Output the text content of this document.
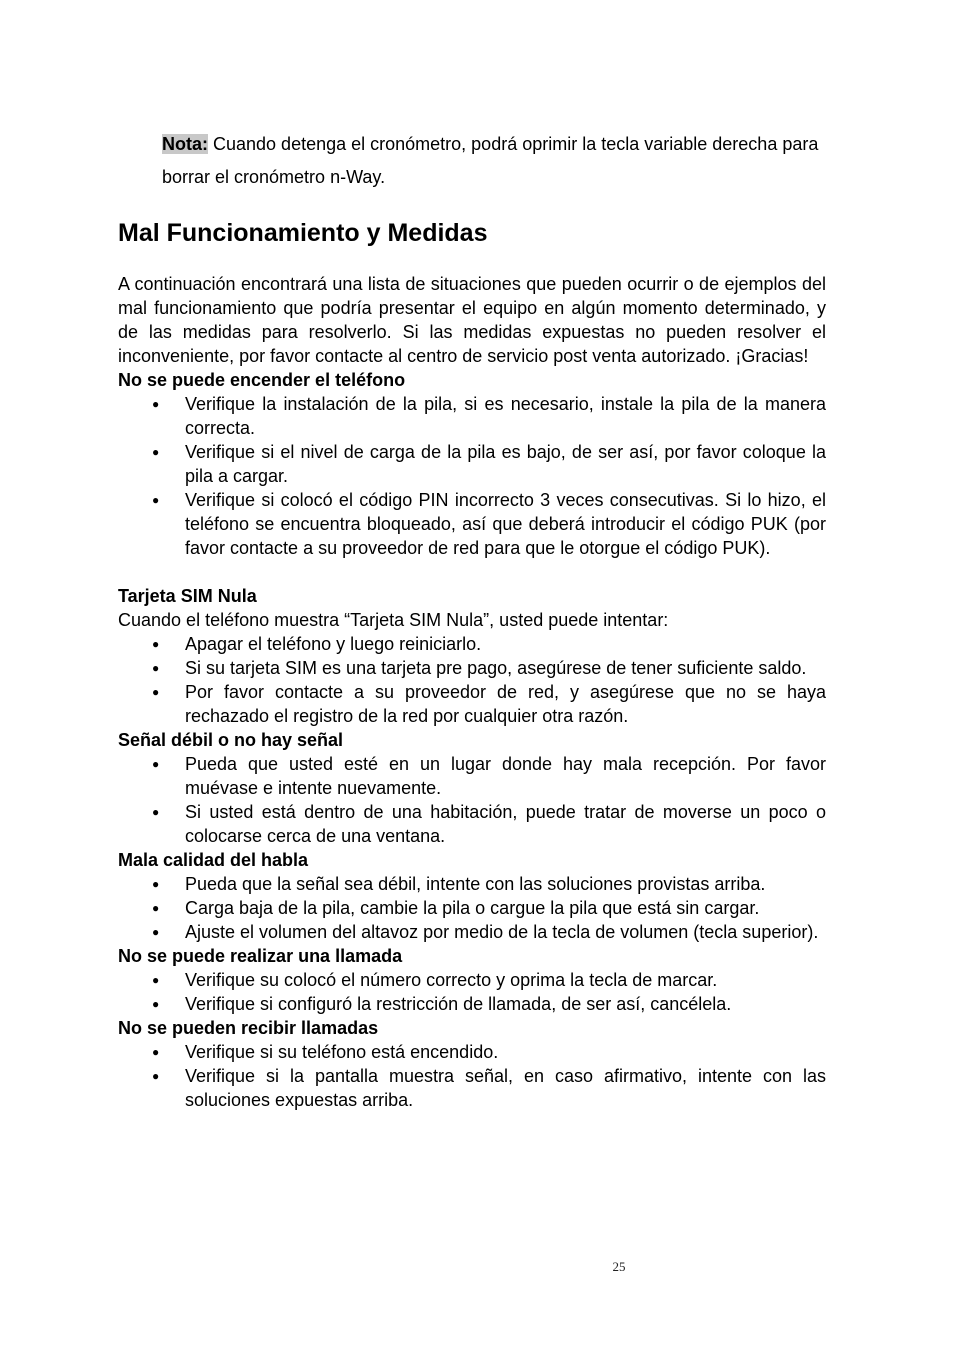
Nota: Cuando detenga el cronómetro, podrá oprimir la tecla variable derecha para borrar el cronómetro n-Way.
Mal Funcionamiento y Medidas

A continuación encontrará una lista de situaciones que pueden ocurrir o de ejemplos del mal funcionamiento que podría presentar el equipo en algún momento determinado, y de las medidas para resolverlo. Si las medidas expuestas no pueden resolver el inconveniente, por favor contacte al centro de servicio post venta autorizado. ¡Gracias!

No se puede encender el teléfono

● Verifique la instalación de la pila, si es necesario, instale la pila de la manera correcta.
● Verifique si el nivel de carga de la pila es bajo, de ser así, por favor coloque la pila a cargar.
● Verifique si colocó el código PIN incorrecto 3 veces consecutivas. Si lo hizo, el teléfono se encuentra bloqueado, así que deberá introducir el código PUK (por favor contacte a su proveedor de red para que le otorgue el código PUK).

Tarjeta SIM Nula

Cuando el teléfono muestra “Tarjeta SIM Nula”, usted puede intentar:

● Apagar el teléfono y luego reiniciarlo.
● Si su tarjeta SIM es una tarjeta pre pago, asegúrese de tener suficiente saldo.
● Por favor contacte a su proveedor de red, y asegúrese que no se haya rechazado el registro de la red por cualquier otra razón.

Señal débil o no hay señal

● Pueda que usted esté en un lugar donde hay mala recepción. Por favor muévase e intente nuevamente.
● Si usted está dentro de una habitación, puede tratar de moverse un poco o colocarse cerca de una ventana.

Mala calidad del habla

● Pueda que la señal sea débil, intente con las soluciones provistas arriba.
● Carga baja de la pila, cambie la pila o cargue la pila que está sin cargar.
● Ajuste el volumen del altavoz por medio de la tecla de volumen (tecla superior).

No se puede realizar una llamada

● Verifique su colocó el número correcto y oprima la tecla de marcar.
● Verifique si configuró la restricción de llamada, de ser así, cancélela.

No se pueden recibir llamadas

● Verifique si su teléfono está encendido.
● Verifique si la pantalla muestra señal, en caso afirmativo, intente con las soluciones expuestas arriba.
25
